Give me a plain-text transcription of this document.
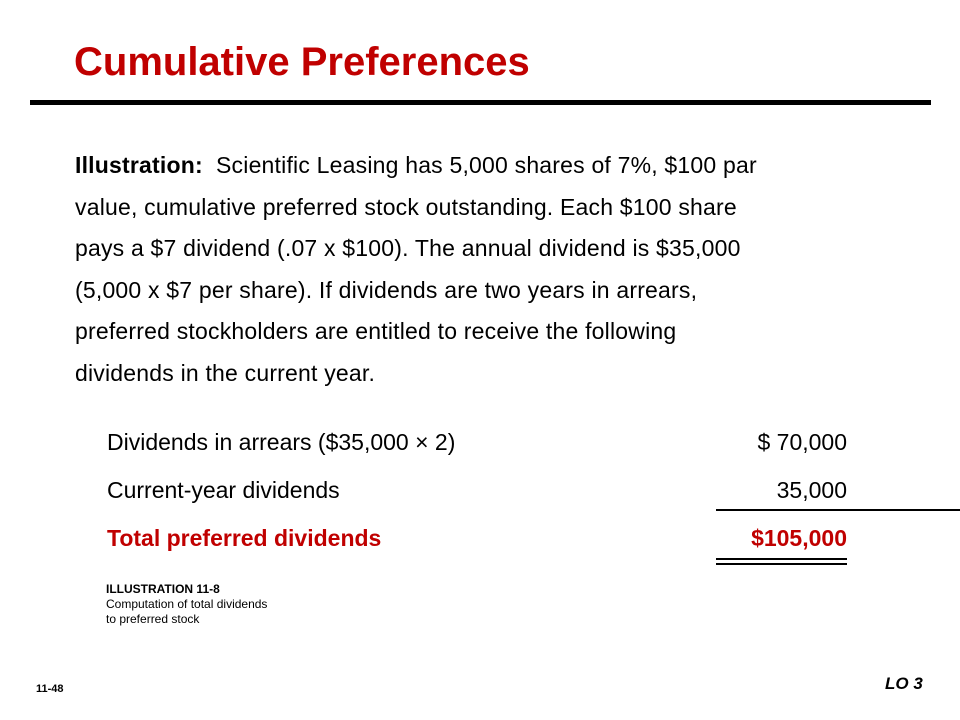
Cumulative Preferences

Illustration: Scientific Leasing has 5,000 shares of 7%, $100 par
value, cumulative preferred stock outstanding. Each $100 share
pays a $7 dividend (.07 x $100). The annual dividend is $35,000
(5,000 x $7 per share). If dividends are two years in arrears,
preferred stockholders are entitled to receive the following
dividends in the current year.

Dividends in arrears ($35,000 × 2)	$ 70,000
Current-year dividends	35,000
Total preferred dividends	$105,000
ILLUSTRATION 11-8
Computation of total dividends
to preferred stock
11-48	LO 3
